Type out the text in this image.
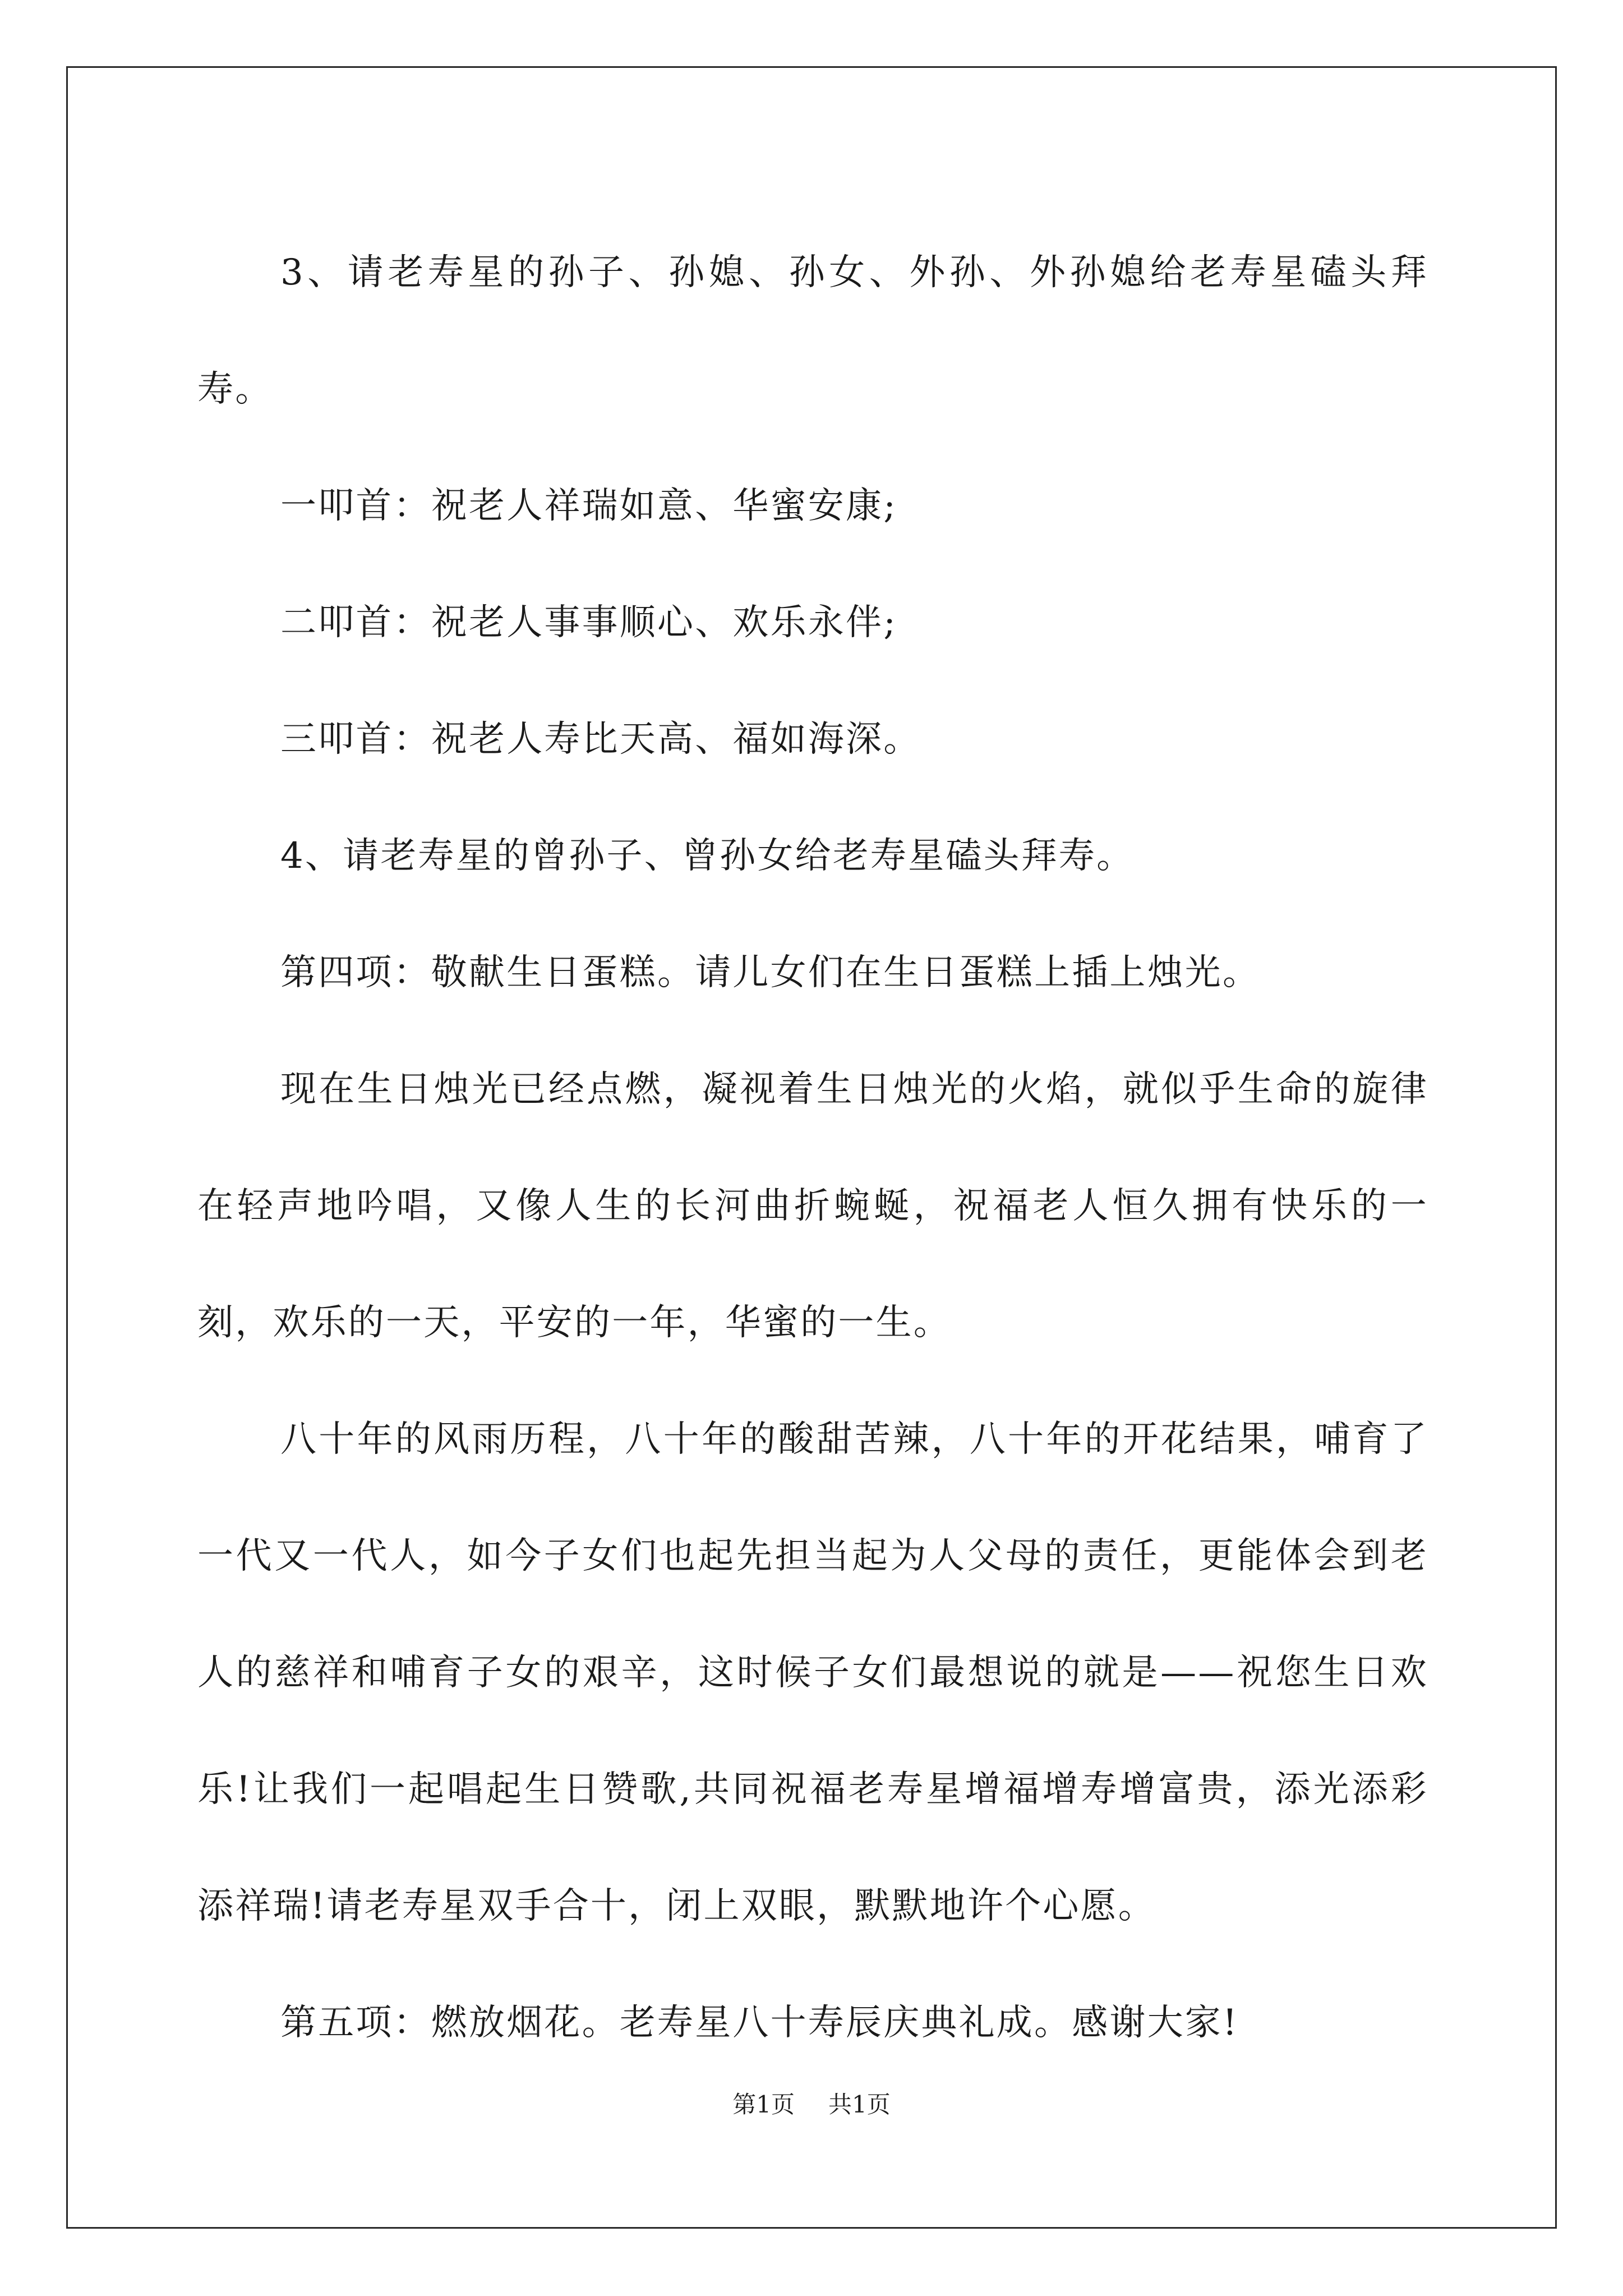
3、请老寿星的孙子、孙媳、孙女、外孙、外孙媳给老寿星磕头拜寿。

一叩首：祝老人祥瑞如意、华蜜安康;

二叩首：祝老人事事顺心、欢乐永伴;

三叩首：祝老人寿比天高、福如海深。

4、请老寿星的曾孙子、曾孙女给老寿星磕头拜寿。

第四项：敬献生日蛋糕。请儿女们在生日蛋糕上插上烛光。

现在生日烛光已经点燃，凝视着生日烛光的火焰，就似乎生命的旋律在轻声地吟唱，又像人生的长河曲折蜿蜒，祝福老人恒久拥有快乐的一刻，欢乐的一天，平安的一年，华蜜的一生。

八十年的风雨历程，八十年的酸甜苦辣，八十年的开花结果，哺育了一代又一代人，如今子女们也起先担当起为人父母的责任，更能体会到老人的慈祥和哺育子女的艰辛，这时候子女们最想说的就是——祝您生日欢乐!让我们一起唱起生日赞歌,共同祝福老寿星增福增寿增富贵，添光添彩添祥瑞!请老寿星双手合十，闭上双眼，默默地许个心愿。

第五项：燃放烟花。老寿星八十寿辰庆典礼成。感谢大家!

第1页 共1页
